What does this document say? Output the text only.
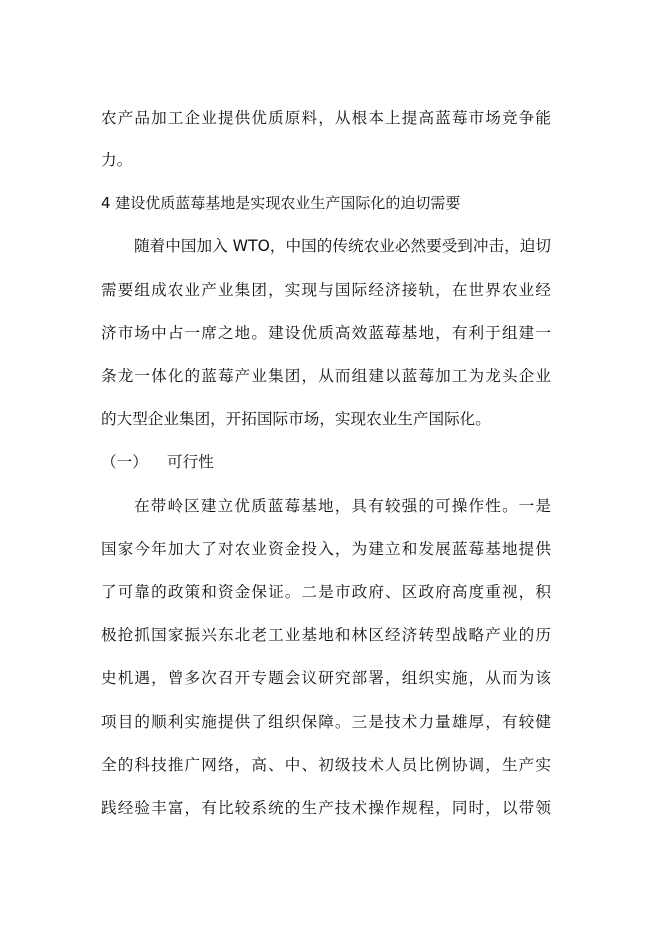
农产品加工企业提供优质原料，从根本上提高蓝莓市场竞争能
力。
4 建设优质蓝莓基地是实现农业生产国际化的迫切需要
随着中国加入 WTO，中国的传统农业必然要受到冲击，迫切
需要组成农业产业集团，实现与国际经济接轨，在世界农业经
济市场中占一席之地。建设优质高效蓝莓基地，有利于组建一
条龙一体化的蓝莓产业集团，从而组建以蓝莓加工为龙头企业
的大型企业集团，开拓国际市场，实现农业生产国际化。
（一） 可行性
在带岭区建立优质蓝莓基地，具有较强的可操作性。一是
国家今年加大了对农业资金投入，为建立和发展蓝莓基地提供
了可靠的政策和资金保证。二是市政府、区政府高度重视，积
极抢抓国家振兴东北老工业基地和林区经济转型战略产业的历
史机遇，曾多次召开专题会议研究部署，组织实施，从而为该
项目的顺利实施提供了组织保障。三是技术力量雄厚，有较健
全的科技推广网络，高、中、初级技术人员比例协调，生产实
践经验丰富，有比较系统的生产技术操作规程，同时，以带领
